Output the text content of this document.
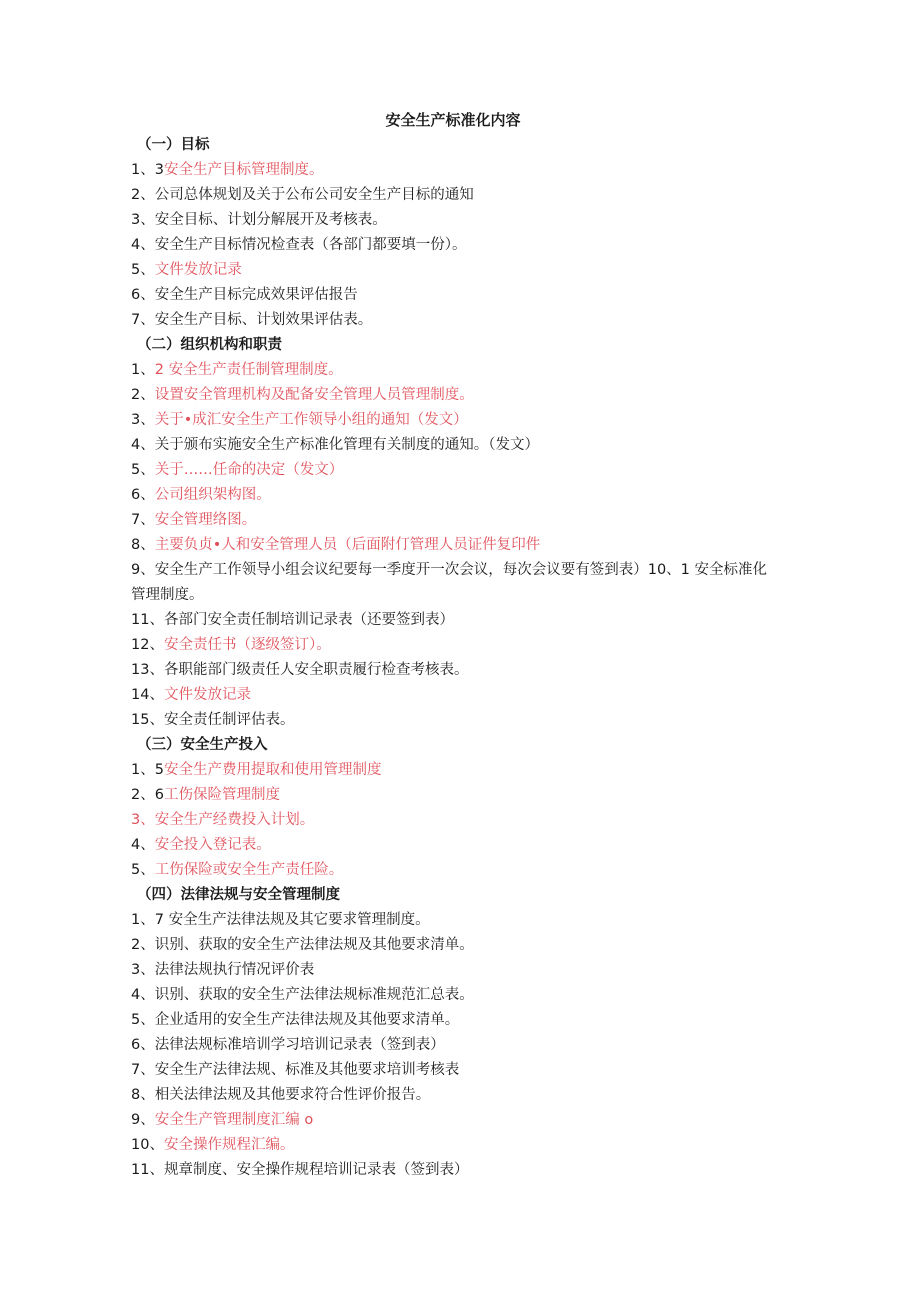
安全生产标准化内容
（一）目标
1、3安全生产目标管理制度。
2、公司总体规划及关于公布公司安全生产目标的通知
3、安全目标、计划分解展开及考核表。
4、安全生产目标情况检查表（各部门都要填一份）。
5、文件发放记录
6、安全生产目标完成效果评估报告
7、安全生产目标、计划效果评估表。
（二）组织机构和职责
1、2 安全生产责任制管理制度。
2、设置安全管理机构及配备安全管理人员管理制度。
3、关于•成汇安全生产工作领导小组的通知（发文）
4、关于颁布实施安全生产标准化管理有关制度的通知。（发文）
5、关于……任命的决定（发文）
6、公司组织架构图。
7、安全管理络图。
8、主要负贞•人和安全管理人员（后面附仃管理人员证件复印件
9、安全生产工作领导小组会议纪要每一季度开一次会议，每次会议要有签到表）10、1 安全标准化管理制度。
11、各部门安全责任制培训记录表（还要签到表）
12、安全责任书（逐级签订）。
13、各职能部门级责任人安全职责履行检查考核表。
14、文件发放记录
15、安全责任制评估表。
（三）安全生产投入
1、5安全生产费用提取和使用管理制度
2、6工伤保险管理制度
3、安全生产经费投入计划。
4、安全投入登记表。
5、工伤保险或安全生产责任险。
（四）法律法规与安全管理制度
1、7 安全生产法律法规及其它要求管理制度。
2、识别、获取的安全生产法律法规及其他要求清单。
3、法律法规执行情况评价表
4、识别、获取的安全生产法律法规标准规范汇总表。
5、企业适用的安全生产法律法规及其他要求清单。
6、法律法规标准培训学习培训记录表（签到表）
7、安全生产法律法规、标准及其他要求培训考核表
8、相关法律法规及其他要求符合性评价报告。
9、安全生产管理制度汇编 o
10、安全操作规程汇编。
11、规章制度、安全操作规程培训记录表（签到表）
